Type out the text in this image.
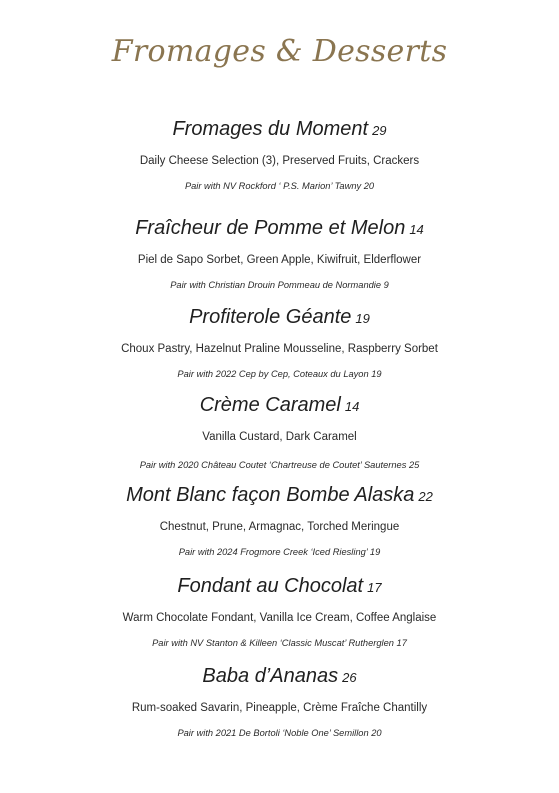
Fromages & Desserts

Fromages du Moment 29

Daily Cheese Selection (3), Preserved Fruits, Crackers

Pair with NV Rockford ‘ P.S. Marion’ Tawny 20

Fraîcheur de Pomme et Melon 14

Piel de Sapo Sorbet, Green Apple, Kiwifruit, Elderflower

Pair with Christian Drouin Pommeau de Normandie 9

Profiterole Géante 19

Choux Pastry, Hazelnut Praline Mousseline, Raspberry Sorbet

Pair with 2022 Cep by Cep, Coteaux du Layon 19

Crème Caramel 14

Vanilla Custard, Dark Caramel

Pair with 2020 Château Coutet ‘Chartreuse de Coutet’ Sauternes 25

Mont Blanc façon Bombe Alaska 22

Chestnut, Prune, Armagnac, Torched Meringue

Pair with 2024 Frogmore Creek ‘Iced Riesling’ 19

Fondant au Chocolat 17

Warm Chocolate Fondant, Vanilla Ice Cream, Coffee Anglaise

Pair with NV Stanton & Killeen ‘Classic Muscat’ Rutherglen 17

Baba d’Ananas 26

Rum-soaked Savarin, Pineapple, Crème Fraîche Chantilly

Pair with 2021 De Bortoli ‘Noble One’ Semillon 20
